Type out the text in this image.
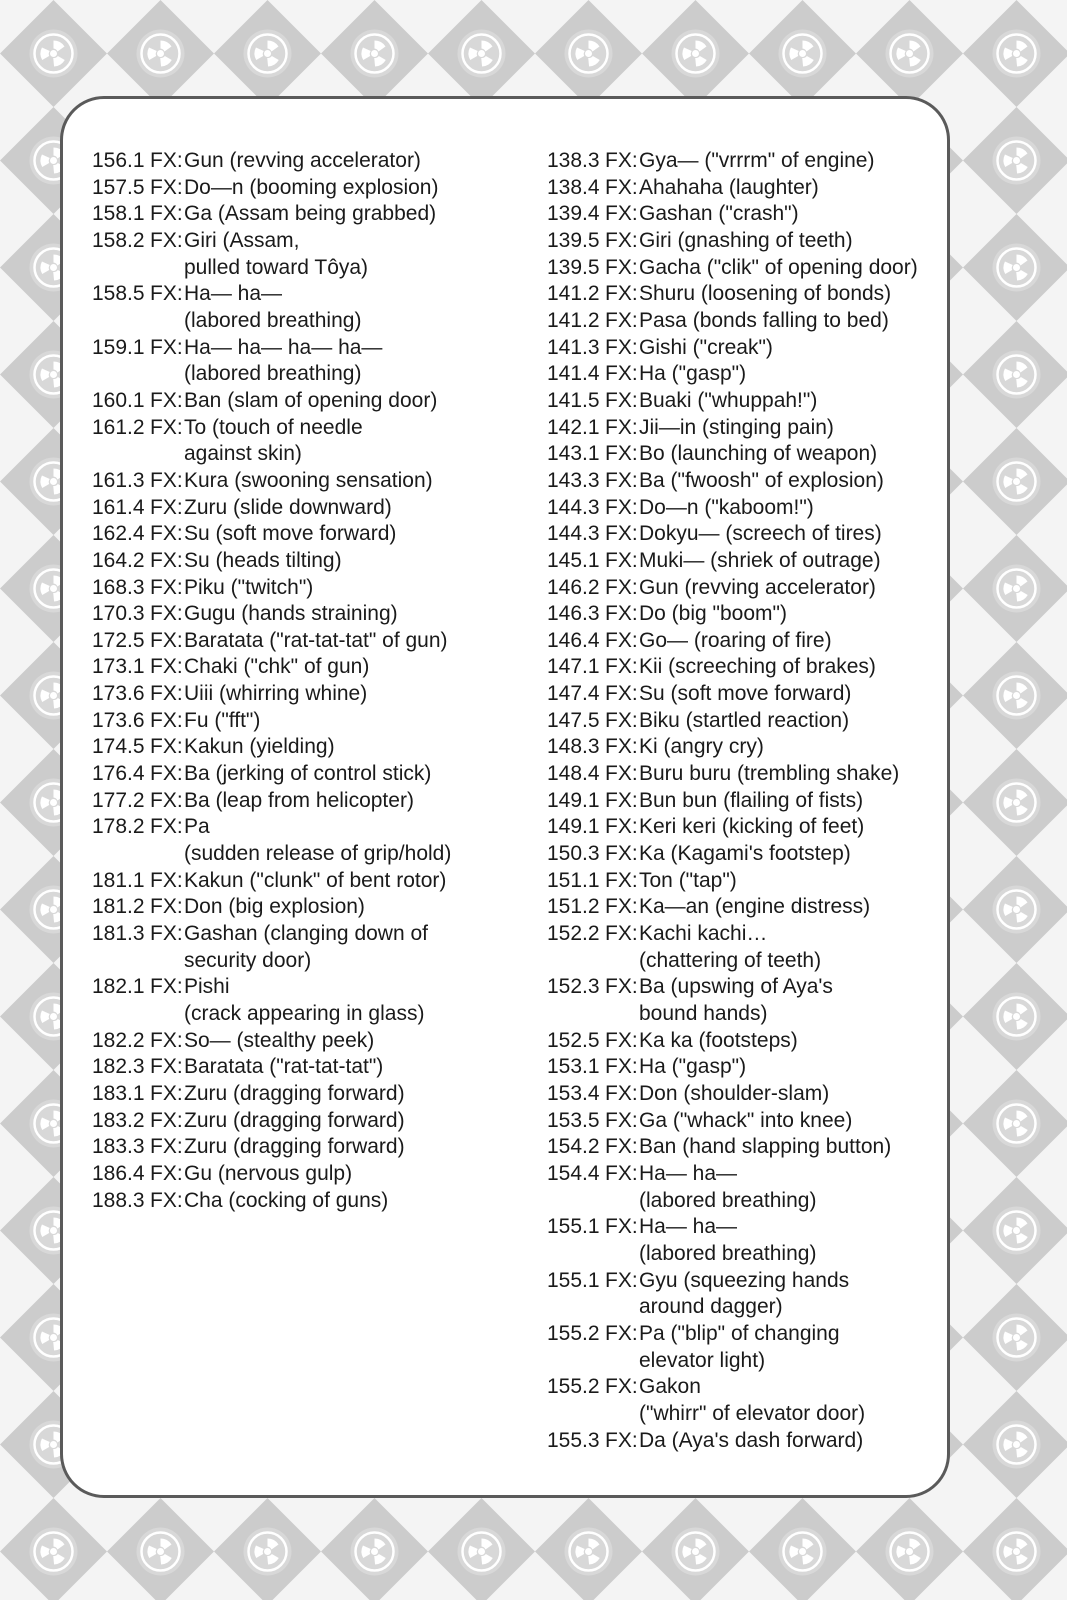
156.1 FX: Gun (revving accelerator)
157.5 FX: Do—n (booming explosion)
158.1 FX: Ga (Assam being grabbed)
158.2 FX: Giri (Assam,
pulled toward Tôya)
158.5 FX: Ha— ha—
(labored breathing)
159.1 FX: Ha— ha— ha— ha—
(labored breathing)
160.1 FX: Ban (slam of opening door)
161.2 FX: To (touch of needle
against skin)
161.3 FX: Kura (swooning sensation)
161.4 FX: Zuru (slide downward)
162.4 FX: Su (soft move forward)
164.2 FX: Su (heads tilting)
168.3 FX: Piku ("twitch")
170.3 FX: Gugu (hands straining)
172.5 FX: Baratata ("rat-tat-tat" of gun)
173.1 FX: Chaki ("chk" of gun)
173.6 FX: Uiii (whirring whine)
173.6 FX: Fu ("fft")
174.5 FX: Kakun (yielding)
176.4 FX: Ba (jerking of control stick)
177.2 FX: Ba (leap from helicopter)
178.2 FX: Pa
(sudden release of grip/hold)
181.1 FX: Kakun ("clunk" of bent rotor)
181.2 FX: Don (big explosion)
181.3 FX: Gashan (clanging down of
security door)
182.1 FX: Pishi
(crack appearing in glass)
182.2 FX: So— (stealthy peek)
182.3 FX: Baratata ("rat-tat-tat")
183.1 FX: Zuru (dragging forward)
183.2 FX: Zuru (dragging forward)
183.3 FX: Zuru (dragging forward)
186.4 FX: Gu (nervous gulp)
188.3 FX: Cha (cocking of guns)
138.3 FX: Gya— ("vrrrm" of engine)
138.4 FX: Ahahaha (laughter)
139.4 FX: Gashan ("crash")
139.5 FX: Giri (gnashing of teeth)
139.5 FX: Gacha ("clik" of opening door)
141.2 FX: Shuru (loosening of bonds)
141.2 FX: Pasa (bonds falling to bed)
141.3 FX: Gishi ("creak")
141.4 FX: Ha ("gasp")
141.5 FX: Buaki ("whuppah!")
142.1 FX: Jii—in (stinging pain)
143.1 FX: Bo (launching of weapon)
143.3 FX: Ba ("fwoosh" of explosion)
144.3 FX: Do—n ("kaboom!")
144.3 FX: Dokyu— (screech of tires)
145.1 FX: Muki— (shriek of outrage)
146.2 FX: Gun (revving accelerator)
146.3 FX: Do (big "boom")
146.4 FX: Go— (roaring of fire)
147.1 FX: Kii (screeching of brakes)
147.4 FX: Su (soft move forward)
147.5 FX: Biku (startled reaction)
148.3 FX: Ki (angry cry)
148.4 FX: Buru buru (trembling shake)
149.1 FX: Bun bun (flailing of fists)
149.1 FX: Keri keri (kicking of feet)
150.3 FX: Ka (Kagami's footstep)
151.1 FX: Ton ("tap")
151.2 FX: Ka—an (engine distress)
152.2 FX: Kachi kachi…
(chattering of teeth)
152.3 FX: Ba (upswing of Aya's
bound hands)
152.5 FX: Ka ka (footsteps)
153.1 FX: Ha ("gasp")
153.4 FX: Don (shoulder-slam)
153.5 FX: Ga ("whack" into knee)
154.2 FX: Ban (hand slapping button)
154.4 FX: Ha— ha—
(labored breathing)
155.1 FX: Ha— ha—
(labored breathing)
155.1 FX: Gyu (squeezing hands
around dagger)
155.2 FX: Pa ("blip" of changing
elevator light)
155.2 FX: Gakon
("whirr" of elevator door)
155.3 FX: Da (Aya's dash forward)
